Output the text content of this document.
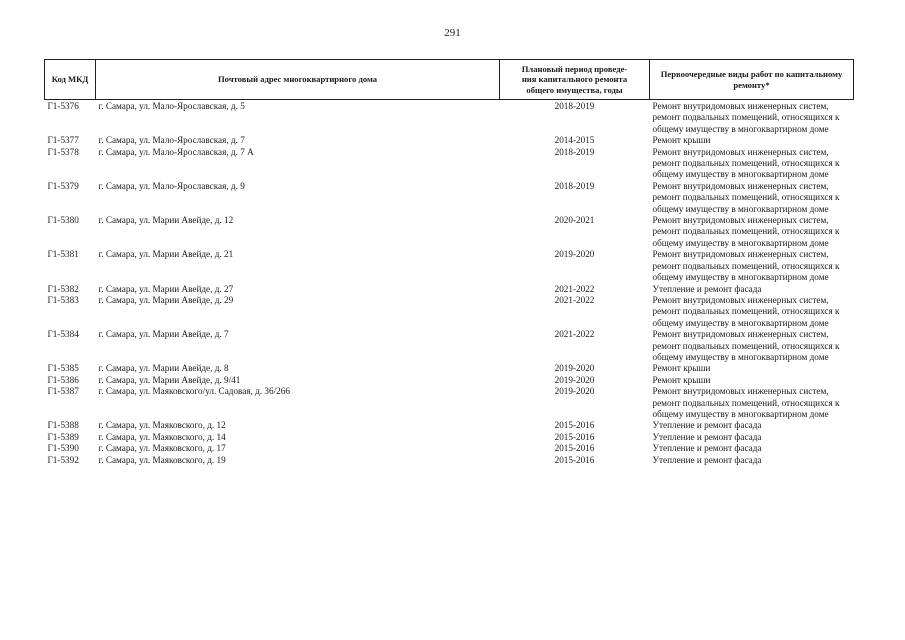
291
Код МКД	Почтовый адрес многоквартирного дома	Плановый период проведе-
ния капитального ремонта
общего имущества, годы	Первоочередные виды работ по капитальному
ремонту*

Г1-5376	г. Самара, ул. Мало-Ярославская, д. 5	2018-2019	Ремонт внутридомовых инженерных систем,
ремонт подвальных помещений, относящихся к
общему имуществу в многоквартирном доме

Г1-5377	г. Самара, ул. Мало-Ярославская, д. 7	2014-2015	Ремонт крыши

Г1-5378	г. Самара, ул. Мало-Ярославская, д. 7 А	2018-2019	Ремонт внутридомовых инженерных систем,
ремонт подвальных помещений, относящихся к
общему имуществу в многоквартирном доме

Г1-5379	г. Самара, ул. Мало-Ярославская, д. 9	2018-2019	Ремонт внутридомовых инженерных систем,
ремонт подвальных помещений, относящихся к
общему имуществу в многоквартирном доме

Г1-5380	г. Самара, ул. Марии Авейде, д. 12	2020-2021	Ремонт внутридомовых инженерных систем,
ремонт подвальных помещений, относящихся к
общему имуществу в многоквартирном доме

Г1-5381	г. Самара, ул. Марии Авейде, д. 21	2019-2020	Ремонт внутридомовых инженерных систем,
ремонт подвальных помещений, относящихся к
общему имуществу в многоквартирном доме

Г1-5382	г. Самара, ул. Марии Авейде, д. 27	2021-2022	Утепление и ремонт фасада

Г1-5383	г. Самара, ул. Марии Авейде, д. 29	2021-2022	Ремонт внутридомовых инженерных систем,
ремонт подвальных помещений, относящихся к
общему имуществу в многоквартирном доме

Г1-5384	г. Самара, ул. Марии Авейде, д. 7	2021-2022	Ремонт внутридомовых инженерных систем,
ремонт подвальных помещений, относящихся к
общему имуществу в многоквартирном доме

Г1-5385	г. Самара, ул. Марии Авейде, д. 8	2019-2020	Ремонт крыши

Г1-5386	г. Самара, ул. Марии Авейде, д. 9/41	2019-2020	Ремонт крыши

Г1-5387	г. Самара, ул. Маяковского/ул. Садовая, д. 36/266	2019-2020	Ремонт внутридомовых инженерных систем,
ремонт подвальных помещений, относящихся к
общему имуществу в многоквартирном доме

Г1-5388	г. Самара, ул. Маяковского, д. 12	2015-2016	Утепление и ремонт фасада

Г1-5389	г. Самара, ул. Маяковского, д. 14	2015-2016	Утепление и ремонт фасада

Г1-5390	г. Самара, ул. Маяковского, д. 17	2015-2016	Утепление и ремонт фасада

Г1-5392	г. Самара, ул. Маяковского, д. 19	2015-2016	Утепление и ремонт фасада
